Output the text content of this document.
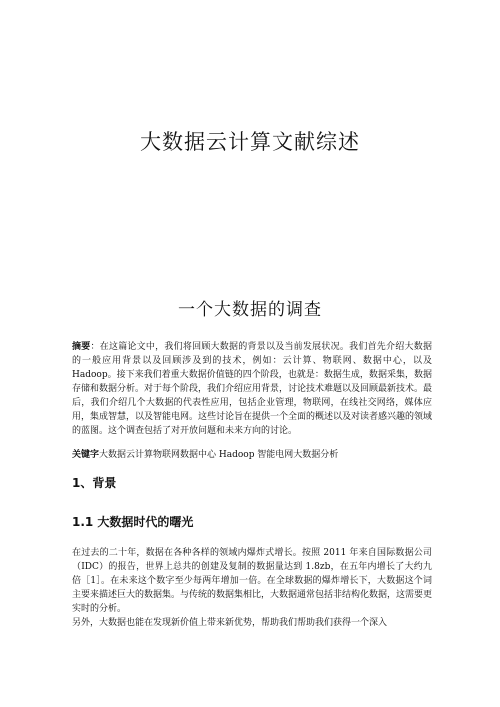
大数据云计算文献综述
一个大数据的调查

摘要：在这篇论文中，我们将回顾大数据的背景以及当前发展状况。我们首先介绍大数据的一般应用背景以及回顾涉及到的技术，例如：云计算、物联网、数据中心，以及 Hadoop。接下来我们着重大数据价值链的四个阶段，也就是：数据生成，数据采集，数据存储和数据分析。对于每个阶段，我们介绍应用背景，讨论技术难题以及回顾最新技术。最后，我们介绍几个大数据的代表性应用，包括企业管理，物联网，在线社交网络，媒体应用，集成智慧，以及智能电网。这些讨论旨在提供一个全面的概述以及对读者感兴趣的领域的蓝图。这个调查包括了对开放问题和未来方向的讨论。

关键字大数据云计算物联网数据中心 Hadoop 智能电网大数据分析

1、背景
1.1 大数据时代的曙光

在过去的二十年，数据在各种各样的领域内爆炸式增长。按照 2011 年来自国际数据公司（IDC）的报告，世界上总共的创建及复制的数据量达到 1.8zb，在五年内增长了大约九倍［1］。在未来这个数字至少每两年增加一倍。在全球数据的爆炸增长下，大数据这个词主要来描述巨大的数据集。与传统的数据集相比，大数据通常包括非结构化数据，这需要更实时的分析。

另外，大数据也能在发现新价值上带来新优势，帮助我们帮助我们获得一个深入
